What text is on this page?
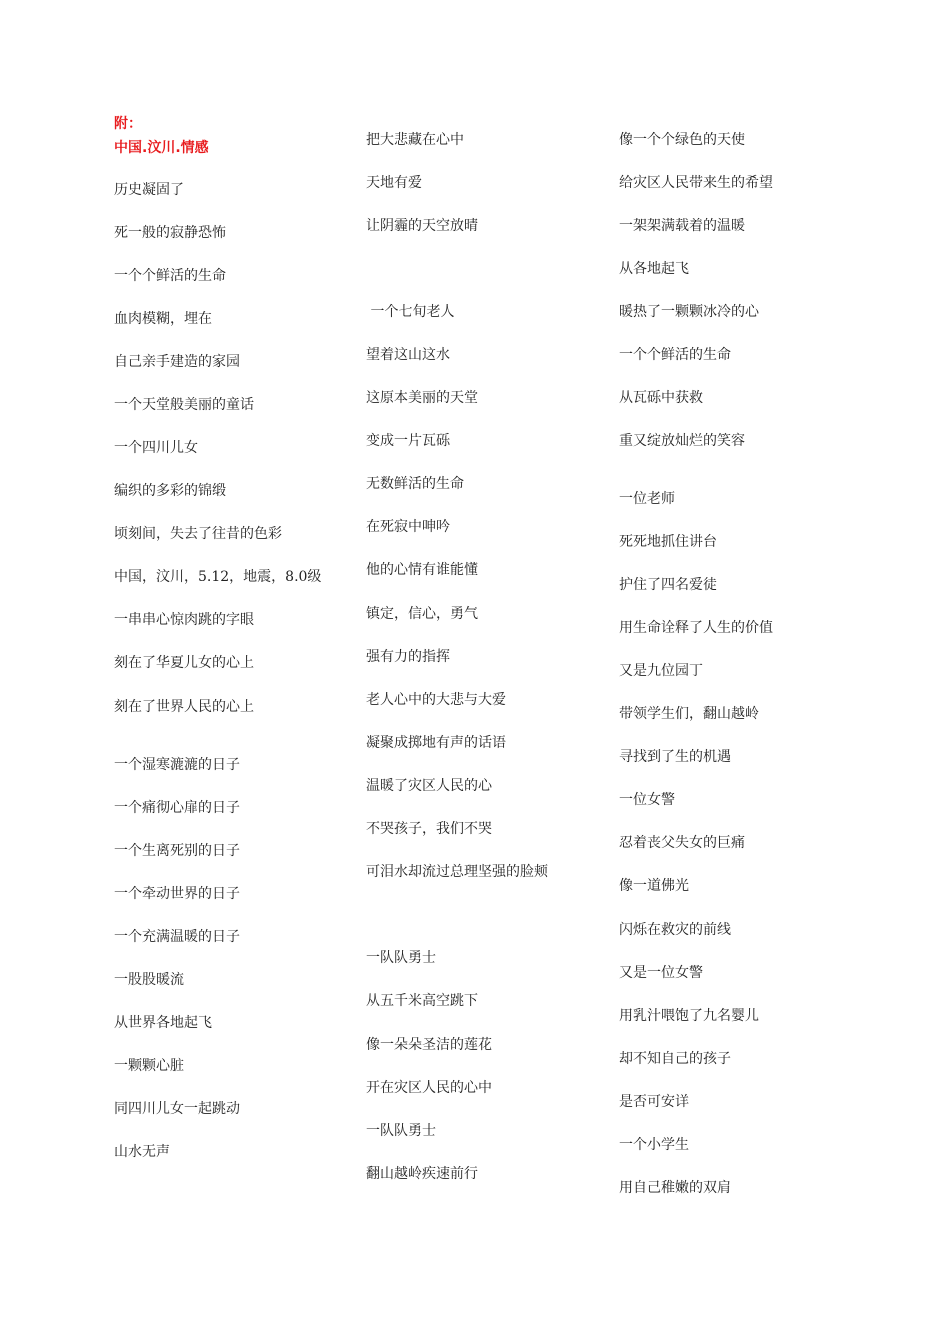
附：
中国.汶川.情感
历史凝固了
死一般的寂静恐怖
一个个鲜活的生命
血肉模糊，埋在
自己亲手建造的家园
一个天堂般美丽的童话
一个四川儿女
编织的多彩的锦缎
顷刻间，失去了往昔的色彩
中国，汶川，5.12，地震，8.0级
一串串心惊肉跳的字眼
刻在了华夏儿女的心上
刻在了世界人民的心上
一个湿寒漉漉的日子
一个痛彻心扉的日子
一个生离死别的日子
一个牵动世界的日子
一个充满温暖的日子
一股股暖流
从世界各地起飞
一颗颗心脏
同四川儿女一起跳动
山水无声
把大悲藏在心中
天地有爱
让阴霾的天空放晴
一个七旬老人
望着这山这水
这原本美丽的天堂
变成一片瓦砾
无数鲜活的生命
在死寂中呻吟
他的心情有谁能懂
镇定，信心，勇气
强有力的指挥
老人心中的大悲与大爱
凝聚成掷地有声的话语
温暖了灾区人民的心
不哭孩子，我们不哭
可泪水却流过总理坚强的脸颊
一队队勇士
从五千米高空跳下
像一朵朵圣洁的莲花
开在灾区人民的心中
一队队勇士
翻山越岭疾速前行
像一个个绿色的天使
给灾区人民带来生的希望
一架架满载着的温暖
从各地起飞
暖热了一颗颗冰冷的心
一个个鲜活的生命
从瓦砾中获救
重又绽放灿烂的笑容
一位老师
死死地抓住讲台
护住了四名爱徒
用生命诠释了人生的价值
又是九位园丁
带领学生们，翻山越岭
寻找到了生的机遇
一位女警
忍着丧父失女的巨痛
像一道佛光
闪烁在救灾的前线
又是一位女警
用乳汁喂饱了九名婴儿
却不知自己的孩子
是否可安详
一个小学生
用自己稚嫩的双肩
